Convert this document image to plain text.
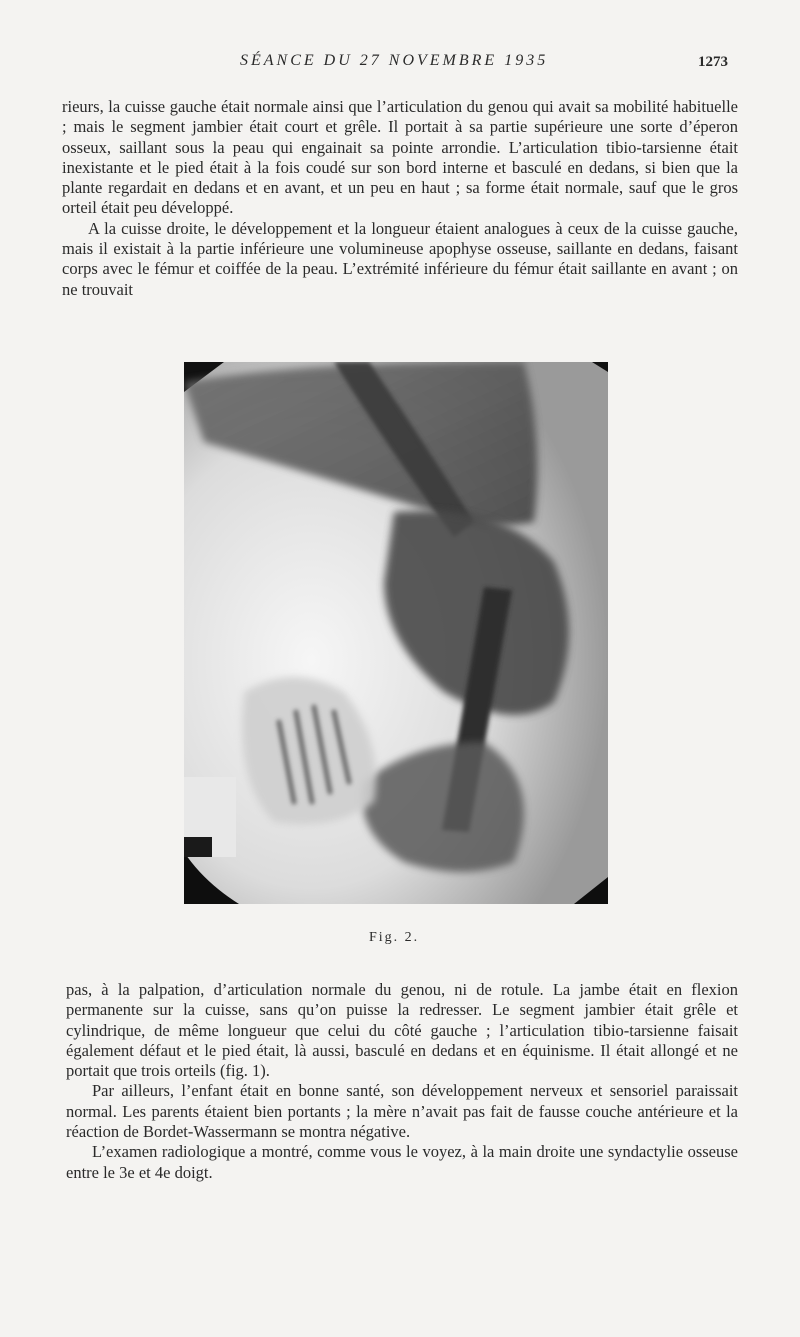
SÉANCE DU 27 NOVEMBRE 1935	1273

rieurs, la cuisse gauche était normale ainsi que l’articulation du genou qui avait sa mobilité habituelle ; mais le segment jambier était court et grêle. Il portait à sa partie supérieure une sorte d’éperon osseux, saillant sous la peau qui engainait sa pointe arrondie. L’articulation tibio-tarsienne était inexistante et le pied était à la fois coudé sur son bord interne et basculé en dedans, si bien que la plante regardait en dedans et en avant, et un peu en haut ; sa forme était normale, sauf que le gros orteil était peu développé.

A la cuisse droite, le développement et la longueur étaient analogues à ceux de la cuisse gauche, mais il existait à la partie inférieure une volumineuse apophyse osseuse, saillante en dedans, faisant corps avec le fémur et coiffée de la peau. L’extrémité inférieure du fémur était saillante en avant ; on ne trouvait

Fig. 2.

pas, à la palpation, d’articulation normale du genou, ni de rotule. La jambe était en flexion permanente sur la cuisse, sans qu’on puisse la redresser. Le segment jambier était grêle et cylindrique, de même longueur que celui du côté gauche ; l’articulation tibio-tarsienne faisait également défaut et le pied était, là aussi, basculé en dedans et en équinisme. Il était allongé et ne portait que trois orteils (fig. 1).

Par ailleurs, l’enfant était en bonne santé, son développement nerveux et sensoriel paraissait normal. Les parents étaient bien portants ; la mère n’avait pas fait de fausse couche antérieure et la réaction de Bordet-Wassermann se montra négative.

L’examen radiologique a montré, comme vous le voyez, à la main droite une syndactylie osseuse entre le 3e et 4e doigt.
